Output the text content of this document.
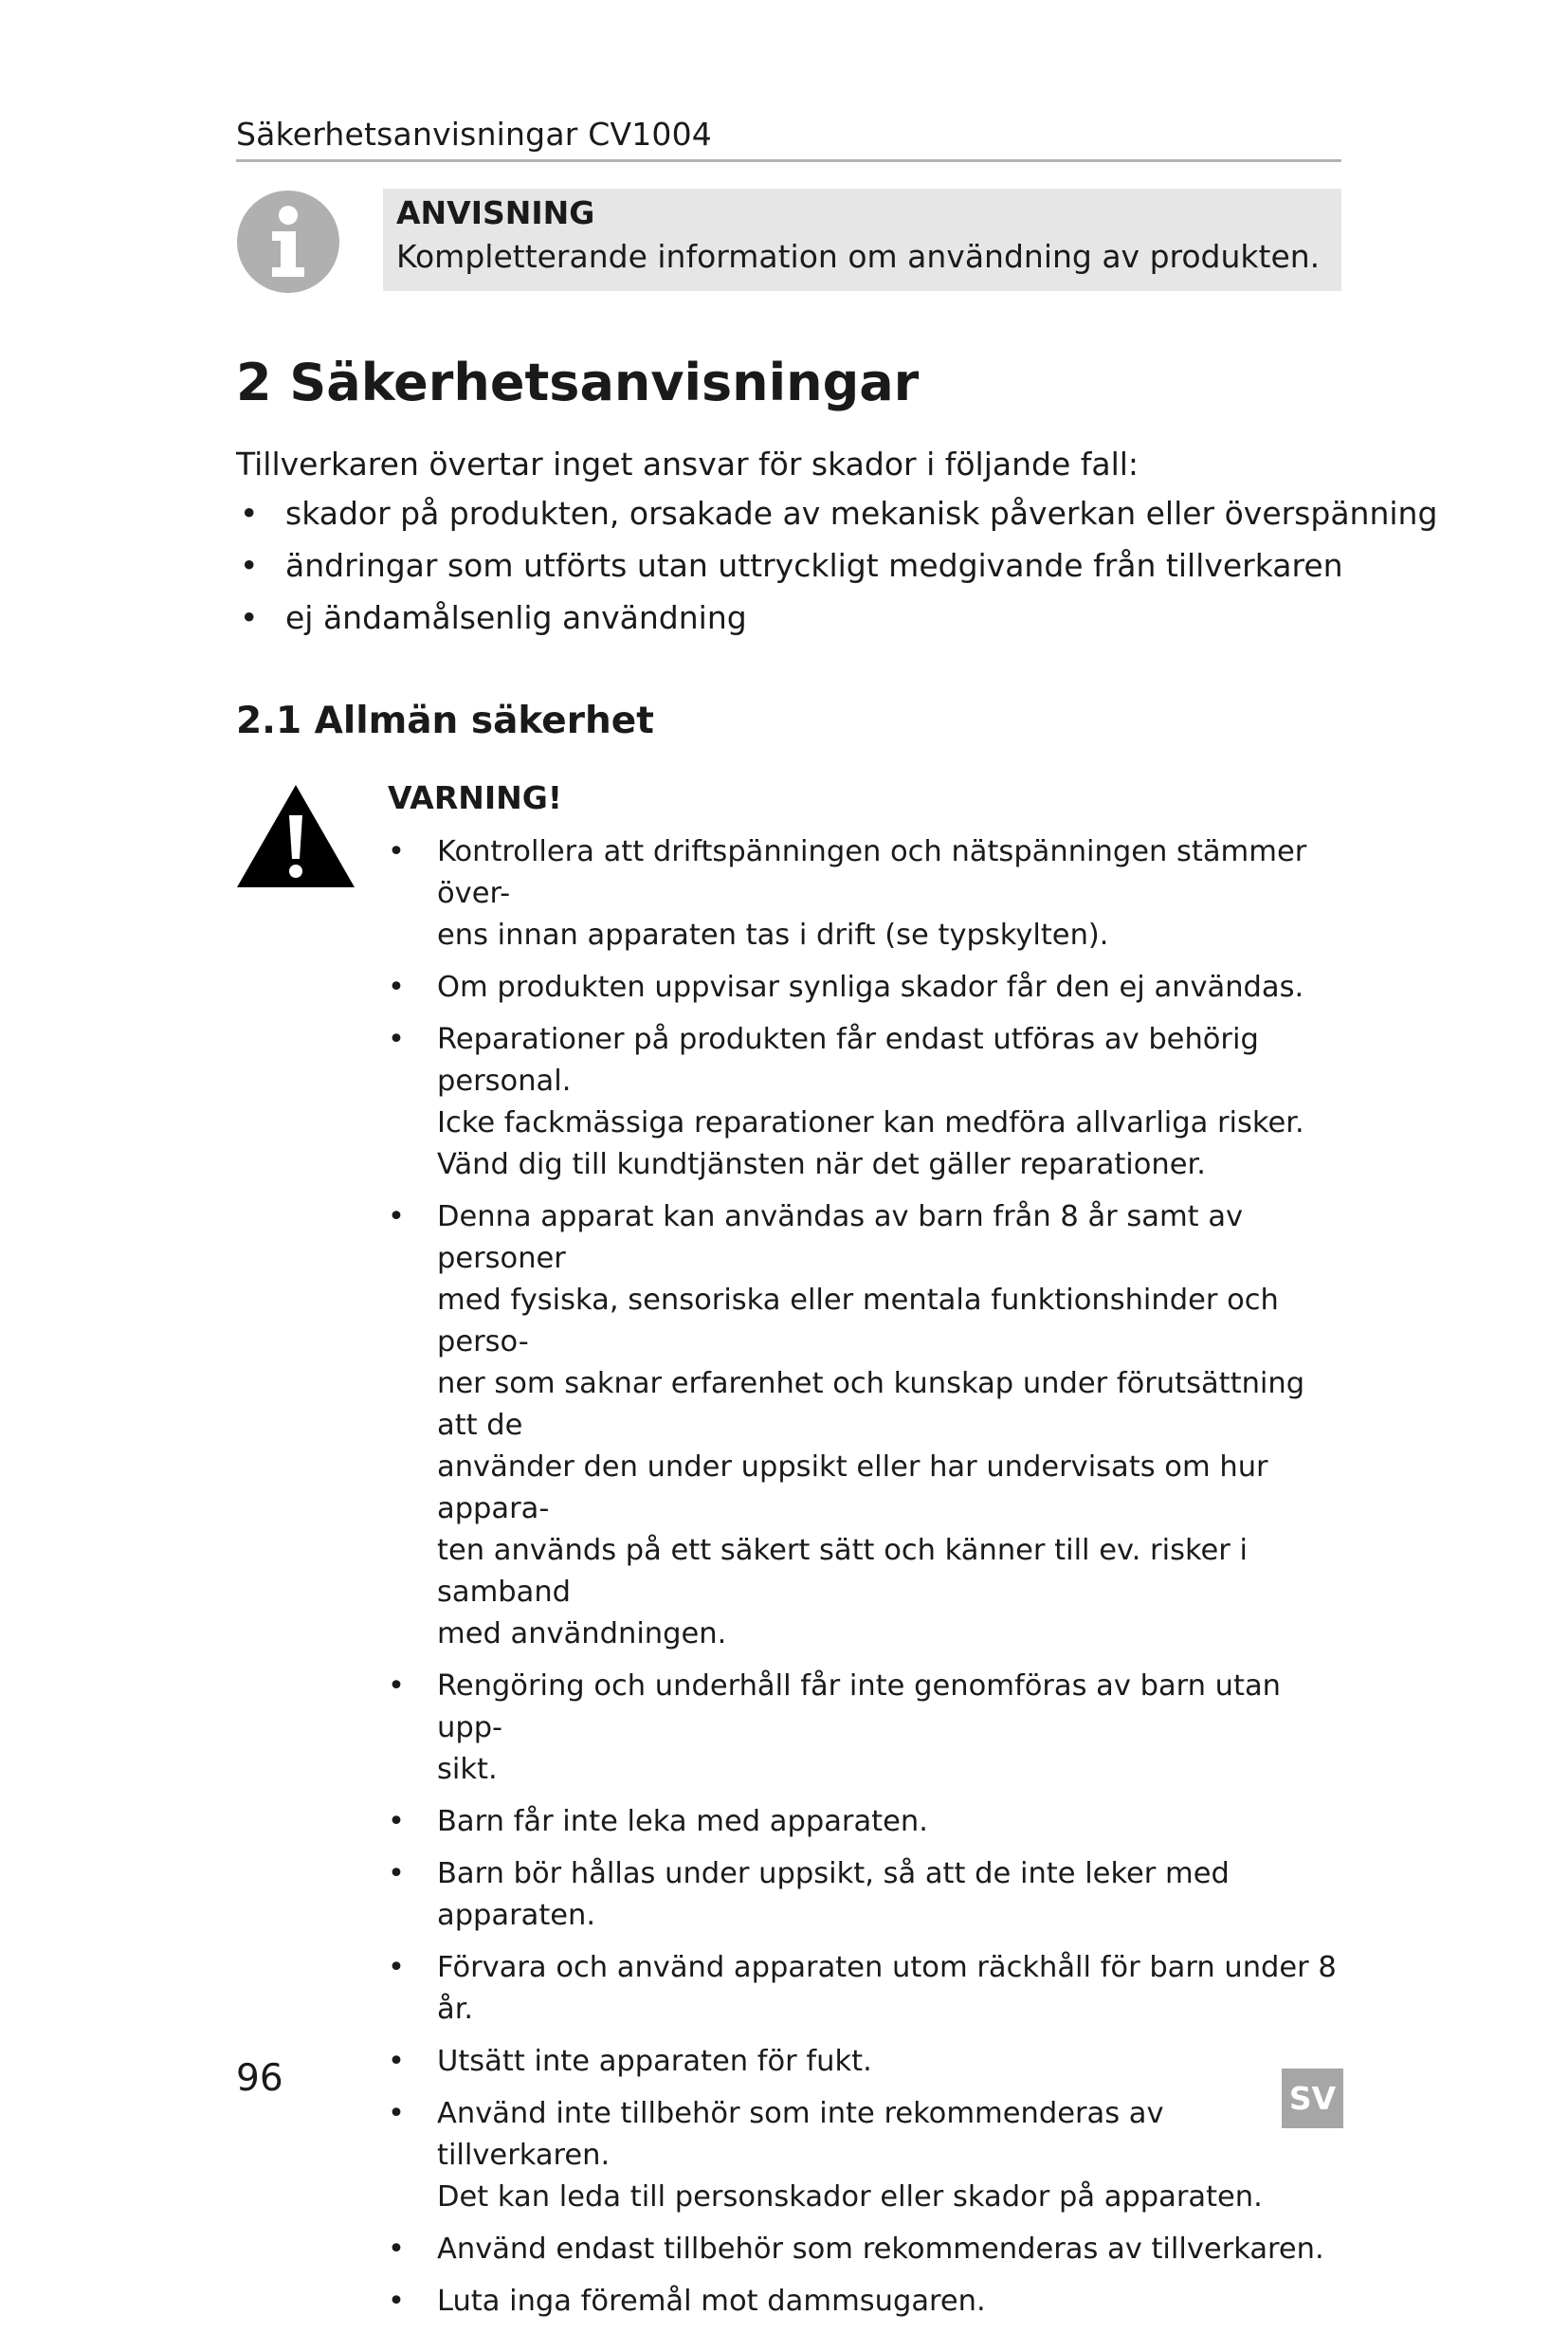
Säkerhetsanvisningar CV1004
ANVISNING
Kompletterande information om användning av produkten.
2 Säkerhetsanvisningar
Tillverkaren övertar inget ansvar för skador i följande fall:
• skador på produkten, orsakade av mekanisk påverkan eller överspänning
• ändringar som utförts utan uttryckligt medgivande från tillverkaren
• ej ändamålsenlig användning
2.1 Allmän säkerhet
VARNING!
• Kontrollera att driftspänningen och nätspänningen stämmer över-
ens innan apparaten tas i drift (se typskylten).
• Om produkten uppvisar synliga skador får den ej användas.
• Reparationer på produkten får endast utföras av behörig personal.
Icke fackmässiga reparationer kan medföra allvarliga risker.
Vänd dig till kundtjänsten när det gäller reparationer.
• Denna apparat kan användas av barn från 8 år samt av personer
med fysiska, sensoriska eller mentala funktionshinder och perso-
ner som saknar erfarenhet och kunskap under förutsättning att de
använder den under uppsikt eller har undervisats om hur appara-
ten används på ett säkert sätt och känner till ev. risker i samband
med användningen.
• Rengöring och underhåll får inte genomföras av barn utan upp-
sikt.
• Barn får inte leka med apparaten.
• Barn bör hållas under uppsikt, så att de inte leker med apparaten.
• Förvara och använd apparaten utom räckhåll för barn under 8 år.
• Utsätt inte apparaten för fukt.
• Använd inte tillbehör som inte rekommenderas av tillverkaren.
Det kan leda till personskador eller skador på apparaten.
• Använd endast tillbehör som rekommenderas av tillverkaren.
• Luta inga föremål mot dammsugaren.
96	SV
